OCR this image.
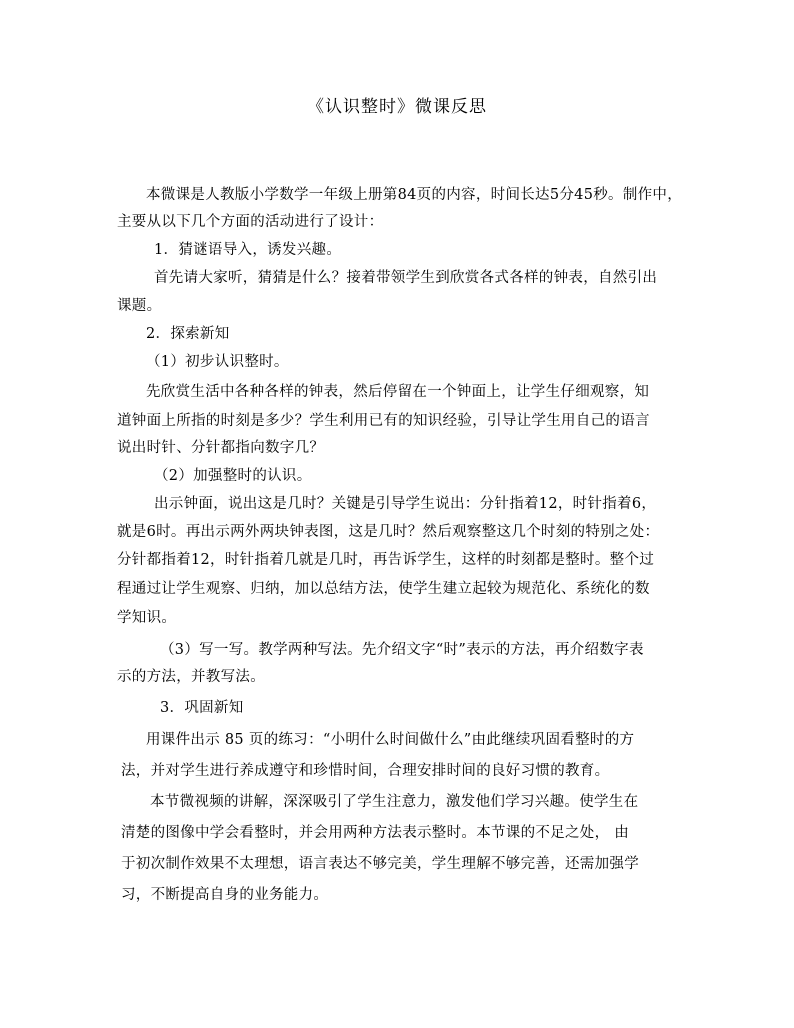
《认识整时》微课反思
本微课是人教版小学数学一年级上册第84页的内容，时间长达5分45秒。制作中，
主要从以下几个方面的活动进行了设计：
1．猜谜语导入，诱发兴趣。
首先请大家听，猜猜是什么？接着带领学生到欣赏各式各样的钟表，自然引出
课题。
2．探索新知
（1）初步认识整时。
先欣赏生活中各种各样的钟表，然后停留在一个钟面上，让学生仔细观察，知
道钟面上所指的时刻是多少？学生利用已有的知识经验，引导让学生用自己的语言
说出时针、分针都指向数字几？
（2）加强整时的认识。
出示钟面，说出这是几时？关键是引导学生说出：分针指着12，时针指着6，
就是6时。再出示两外两块钟表图，这是几时？然后观察整这几个时刻的特别之处：
分针都指着12，时针指着几就是几时，再告诉学生，这样的时刻都是整时。整个过
程通过让学生观察、归纳，加以总结方法，使学生建立起较为规范化、系统化的数
学知识。
（3）写一写。教学两种写法。先介绍文字“时”表示的方法，再介绍数字表
示的方法，并教写法。
3．巩固新知
用课件出示 85 页的练习：“小明什么时间做什么”由此继续巩固看整时的方
法，并对学生进行养成遵守和珍惜时间，合理安排时间的良好习惯的教育。
本节微视频的讲解，深深吸引了学生注意力，激发他们学习兴趣。使学生在
清楚的图像中学会看整时，并会用两种方法表示整时。本节课的不足之处， 由
于初次制作效果不太理想，语言表达不够完美，学生理解不够完善，还需加强学
习，不断提高自身的业务能力。
